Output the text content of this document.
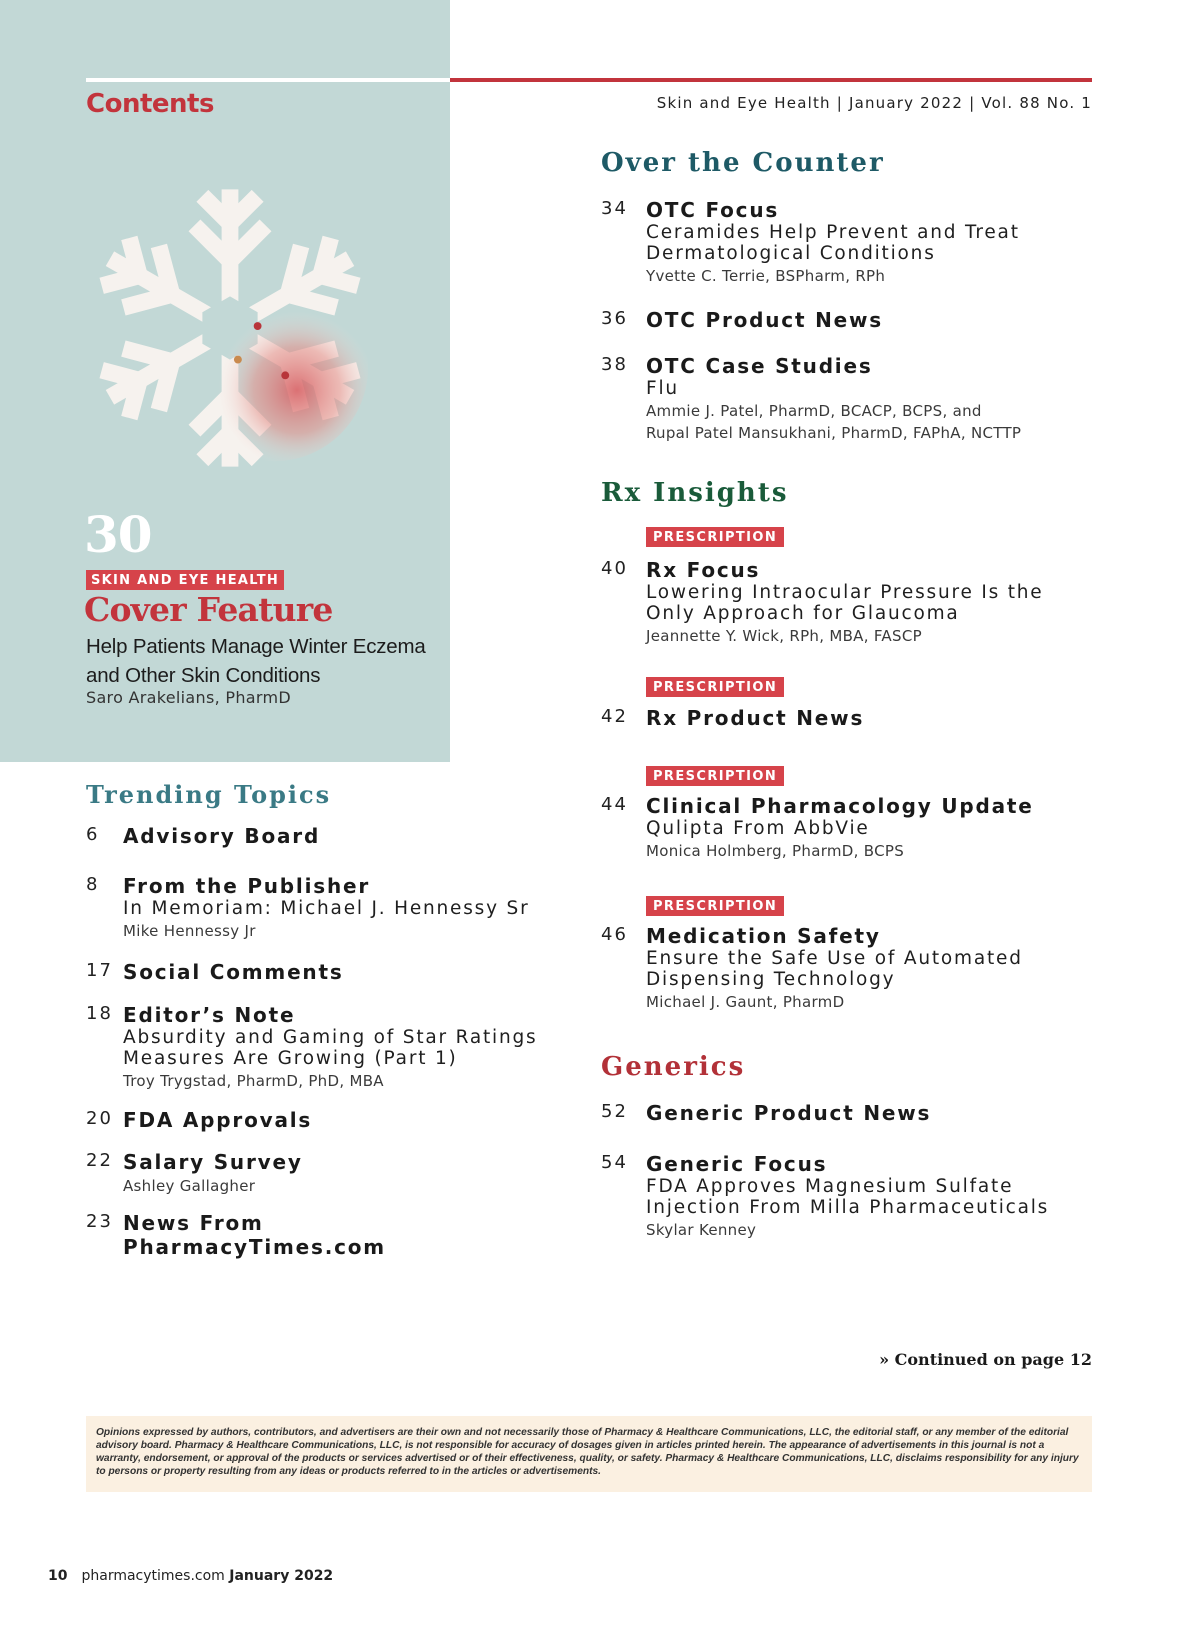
Contents	Skin and Eye Health | January 2022 | Vol. 88 No. 1
30
SKIN AND EYE HEALTH
Cover Feature
Help Patients Manage Winter Eczema and Other Skin Conditions
Saro Arakelians, PharmD
Over the Counter
34 OTC Focus
Ceramides Help Prevent and Treat
Dermatological Conditions
Yvette C. Terrie, BSPharm, RPh
36 OTC Product News
38 OTC Case Studies
Flu
Ammie J. Patel, PharmD, BCACP, BCPS, and
Rupal Patel Mansukhani, PharmD, FAPhA, NCTTP
Rx Insights
PRESCRIPTION
40 Rx Focus
Lowering Intraocular Pressure Is the
Only Approach for Glaucoma
Jeannette Y. Wick, RPh, MBA, FASCP
PRESCRIPTION
42 Rx Product News
PRESCRIPTION
44 Clinical Pharmacology Update
Qulipta From AbbVie
Monica Holmberg, PharmD, BCPS
PRESCRIPTION
46 Medication Safety
Ensure the Safe Use of Automated
Dispensing Technology
Michael J. Gaunt, PharmD
Generics
52 Generic Product News
54 Generic Focus
FDA Approves Magnesium Sulfate
Injection From Milla Pharmaceuticals
Skylar Kenney
Trending Topics
6 Advisory Board
8 From the Publisher
In Memoriam: Michael J. Hennessy Sr
Mike Hennessy Jr
17 Social Comments
18 Editor’s Note
Absurdity and Gaming of Star Ratings
Measures Are Growing (Part 1)
Troy Trygstad, PharmD, PhD, MBA
20 FDA Approvals
22 Salary Survey
Ashley Gallagher
23 News From
PharmacyTimes.com
» Continued on page 12

Opinions expressed by authors, contributors, and advertisers are their own and not necessarily those of Pharmacy & Healthcare Communications, LLC, the editorial staff, or any member of the editorial advisory board. Pharmacy & Healthcare Communications, LLC, is not responsible for accuracy of dosages given in articles printed herein. The appearance of advertisements in this journal is not a warranty, endorsement, or approval of the products or services advertised or of their effectiveness, quality, or safety. Pharmacy & Healthcare Communications, LLC, disclaims responsibility for any injury to persons or property resulting from any ideas or products referred to in the articles or advertisements.

10 pharmacytimes.com January 2022
